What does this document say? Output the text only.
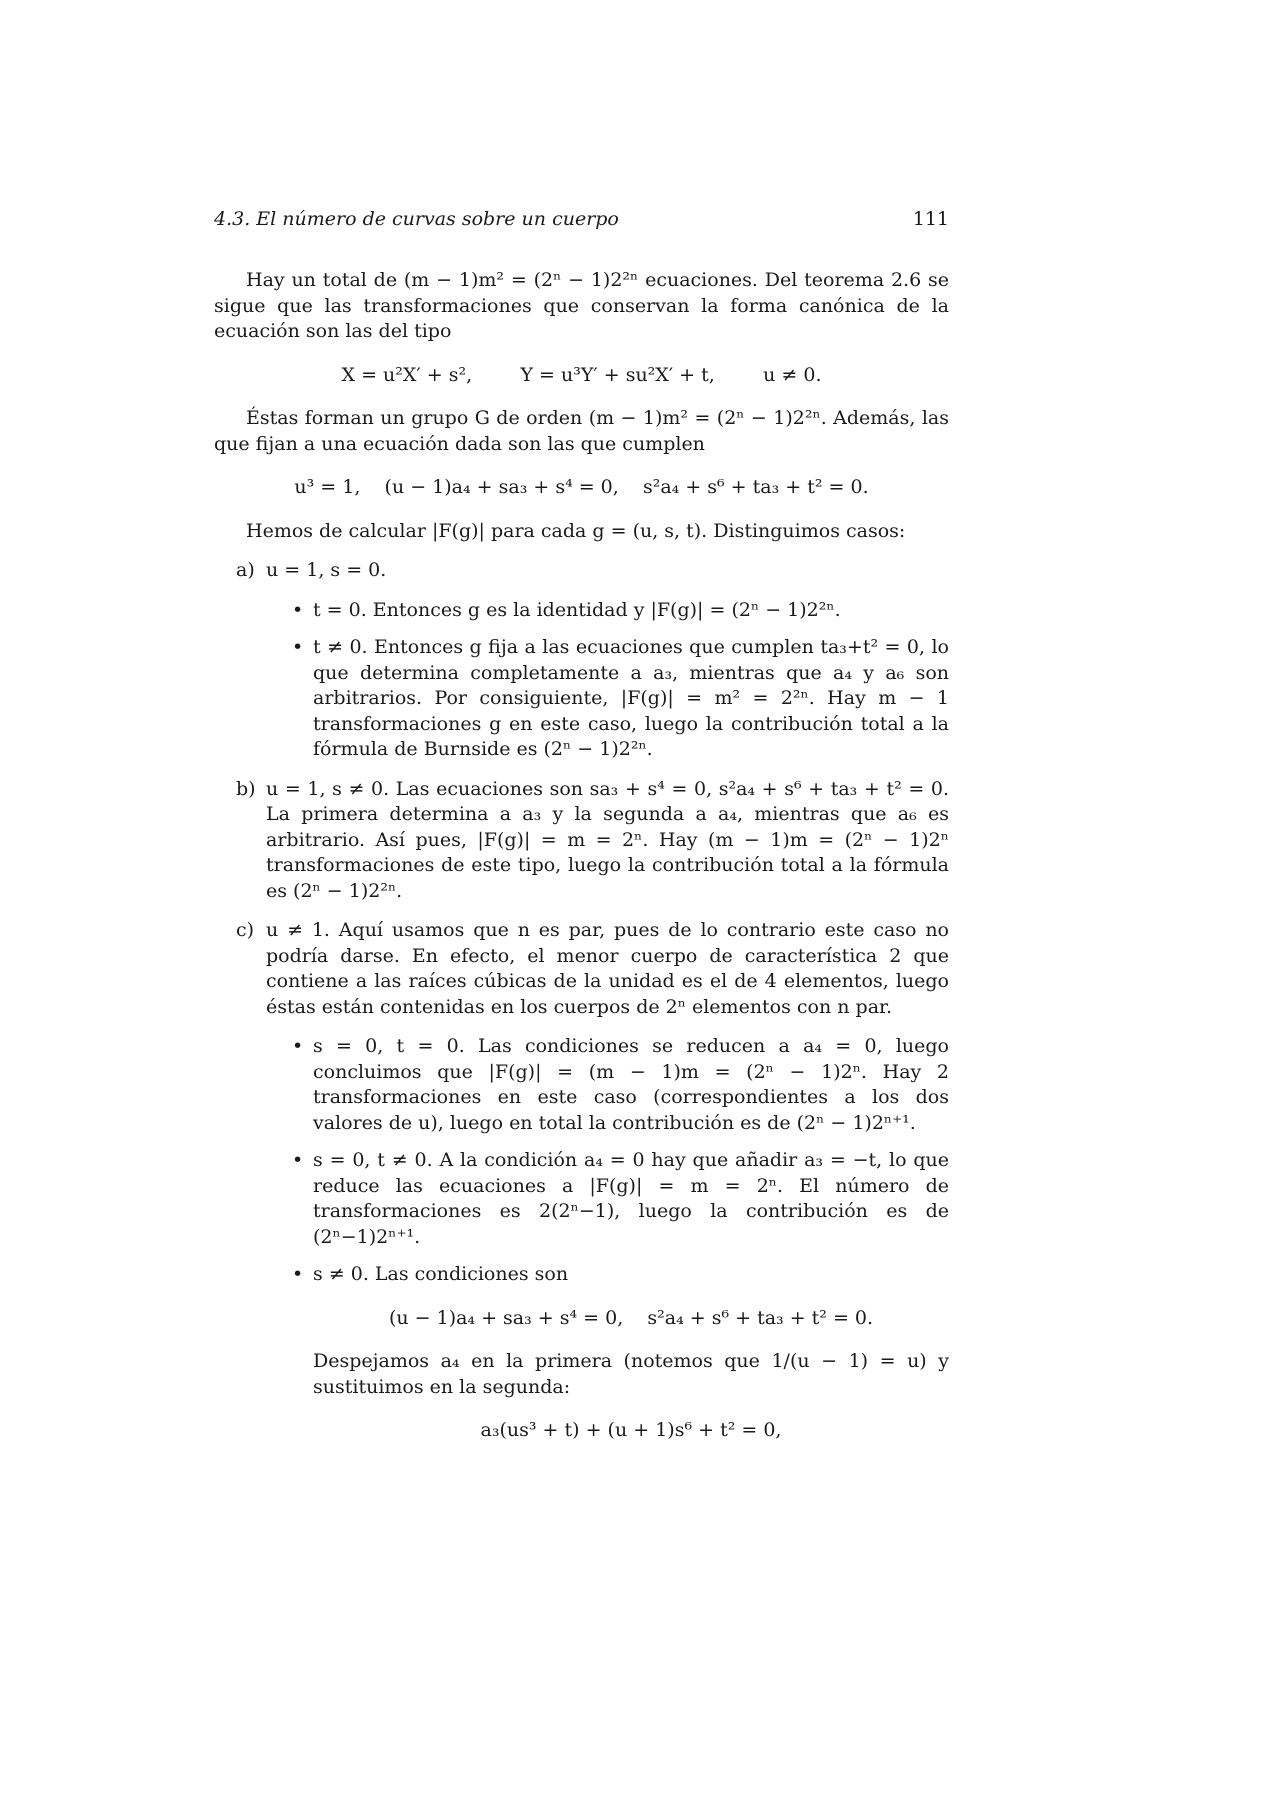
4.3. El número de curvas sobre un cuerpo	111

Hay un total de (m − 1)m² = (2ⁿ − 1)2²ⁿ ecuaciones. Del teorema 2.6 se sigue que las transformaciones que conservan la forma canónica de la ecuación son las del tipo

X = u²X′ + s²,        Y = u³Y′ + su²X′ + t,        u ≠ 0.

Éstas forman un grupo G de orden (m − 1)m² = (2ⁿ − 1)2²ⁿ. Además, las que fijan a una ecuación dada son las que cumplen

u³ = 1,    (u − 1)a₄ + sa₃ + s⁴ = 0,    s²a₄ + s⁶ + ta₃ + t² = 0.

Hemos de calcular |F(g)| para cada g = (u, s, t). Distinguimos casos:

a) u = 1, s = 0.
• t = 0. Entonces g es la identidad y |F(g)| = (2ⁿ − 1)2²ⁿ.
• t ≠ 0. Entonces g fija a las ecuaciones que cumplen ta₃+t² = 0, lo que determina completamente a a₃, mientras que a₄ y a₆ son arbitrarios. Por consiguiente, |F(g)| = m² = 2²ⁿ. Hay m − 1 transformaciones g en este caso, luego la contribución total a la fórmula de Burnside es (2ⁿ − 1)2²ⁿ.
b) u = 1, s ≠ 0. Las ecuaciones son sa₃ + s⁴ = 0, s²a₄ + s⁶ + ta₃ + t² = 0. La primera determina a a₃ y la segunda a a₄, mientras que a₆ es arbitrario. Así pues, |F(g)| = m = 2ⁿ. Hay (m − 1)m = (2ⁿ − 1)2ⁿ transformaciones de este tipo, luego la contribución total a la fórmula es (2ⁿ − 1)2²ⁿ.
c) u ≠ 1. Aquí usamos que n es par, pues de lo contrario este caso no podría darse. En efecto, el menor cuerpo de característica 2 que contiene a las raíces cúbicas de la unidad es el de 4 elementos, luego éstas están contenidas en los cuerpos de 2ⁿ elementos con n par.
• s = 0, t = 0. Las condiciones se reducen a a₄ = 0, luego concluimos que |F(g)| = (m − 1)m = (2ⁿ − 1)2ⁿ. Hay 2 transformaciones en este caso (correspondientes a los dos valores de u), luego en total la contribución es de (2ⁿ − 1)2ⁿ⁺¹.
• s = 0, t ≠ 0. A la condición a₄ = 0 hay que añadir a₃ = −t, lo que reduce las ecuaciones a |F(g)| = m = 2ⁿ. El número de transformaciones es 2(2ⁿ−1), luego la contribución es de (2ⁿ−1)2ⁿ⁺¹.
• s ≠ 0. Las condiciones son
(u − 1)a₄ + sa₃ + s⁴ = 0,    s²a₄ + s⁶ + ta₃ + t² = 0.

Despejamos a₄ en la primera (notemos que 1/(u − 1) = u) y sustituimos en la segunda:

a₃(us³ + t) + (u + 1)s⁶ + t² = 0,
